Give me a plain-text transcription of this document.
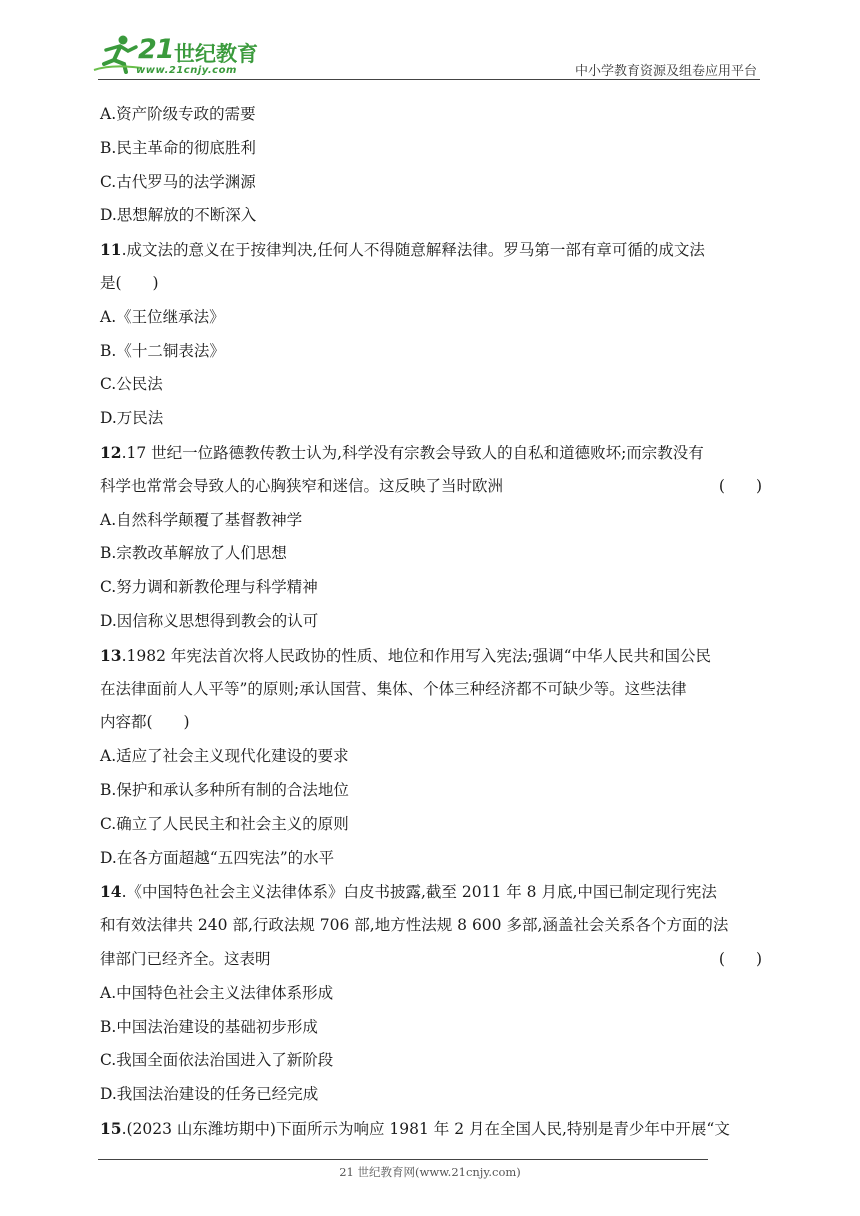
21 世纪教育
www.21cnjy.com	中小学教育资源及组卷应用平台
A.资产阶级专政的需要
B.民主革命的彻底胜利
C.古代罗马的法学渊源
D.思想解放的不断深入
11.成文法的意义在于按律判决,任何人不得随意解释法律。罗马第一部有章可循的成文法
是(　　)
A.《王位继承法》
B.《十二铜表法》
C.公民法
D.万民法
12.17 世纪一位路德教传教士认为,科学没有宗教会导致人的自私和道德败坏;而宗教没有
科学也常常会导致人的心胸狭窄和迷信。这反映了当时欧洲	(　　)
A.自然科学颠覆了基督教神学
B.宗教改革解放了人们思想
C.努力调和新教伦理与科学精神
D.因信称义思想得到教会的认可
13.1982 年宪法首次将人民政协的性质、地位和作用写入宪法;强调“中华人民共和国公民
在法律面前人人平等”的原则;承认国营、集体、个体三种经济都不可缺少等。这些法律
内容都(　　)
A.适应了社会主义现代化建设的要求
B.保护和承认多种所有制的合法地位
C.确立了人民民主和社会主义的原则
D.在各方面超越“五四宪法”的水平
14.《中国特色社会主义法律体系》白皮书披露,截至 2011 年 8 月底,中国已制定现行宪法
和有效法律共 240 部,行政法规 706 部,地方性法规 8 600 多部,涵盖社会关系各个方面的法
律部门已经齐全。这表明	(　　)
A.中国特色社会主义法律体系形成
B.中国法治建设的基础初步形成
C.我国全面依法治国进入了新阶段
D.我国法治建设的任务已经完成
15.(2023 山东潍坊期中)下面所示为响应 1981 年 2 月在全国人民,特别是青少年中开展“文
21 世纪教育网(www.21cnjy.com)
